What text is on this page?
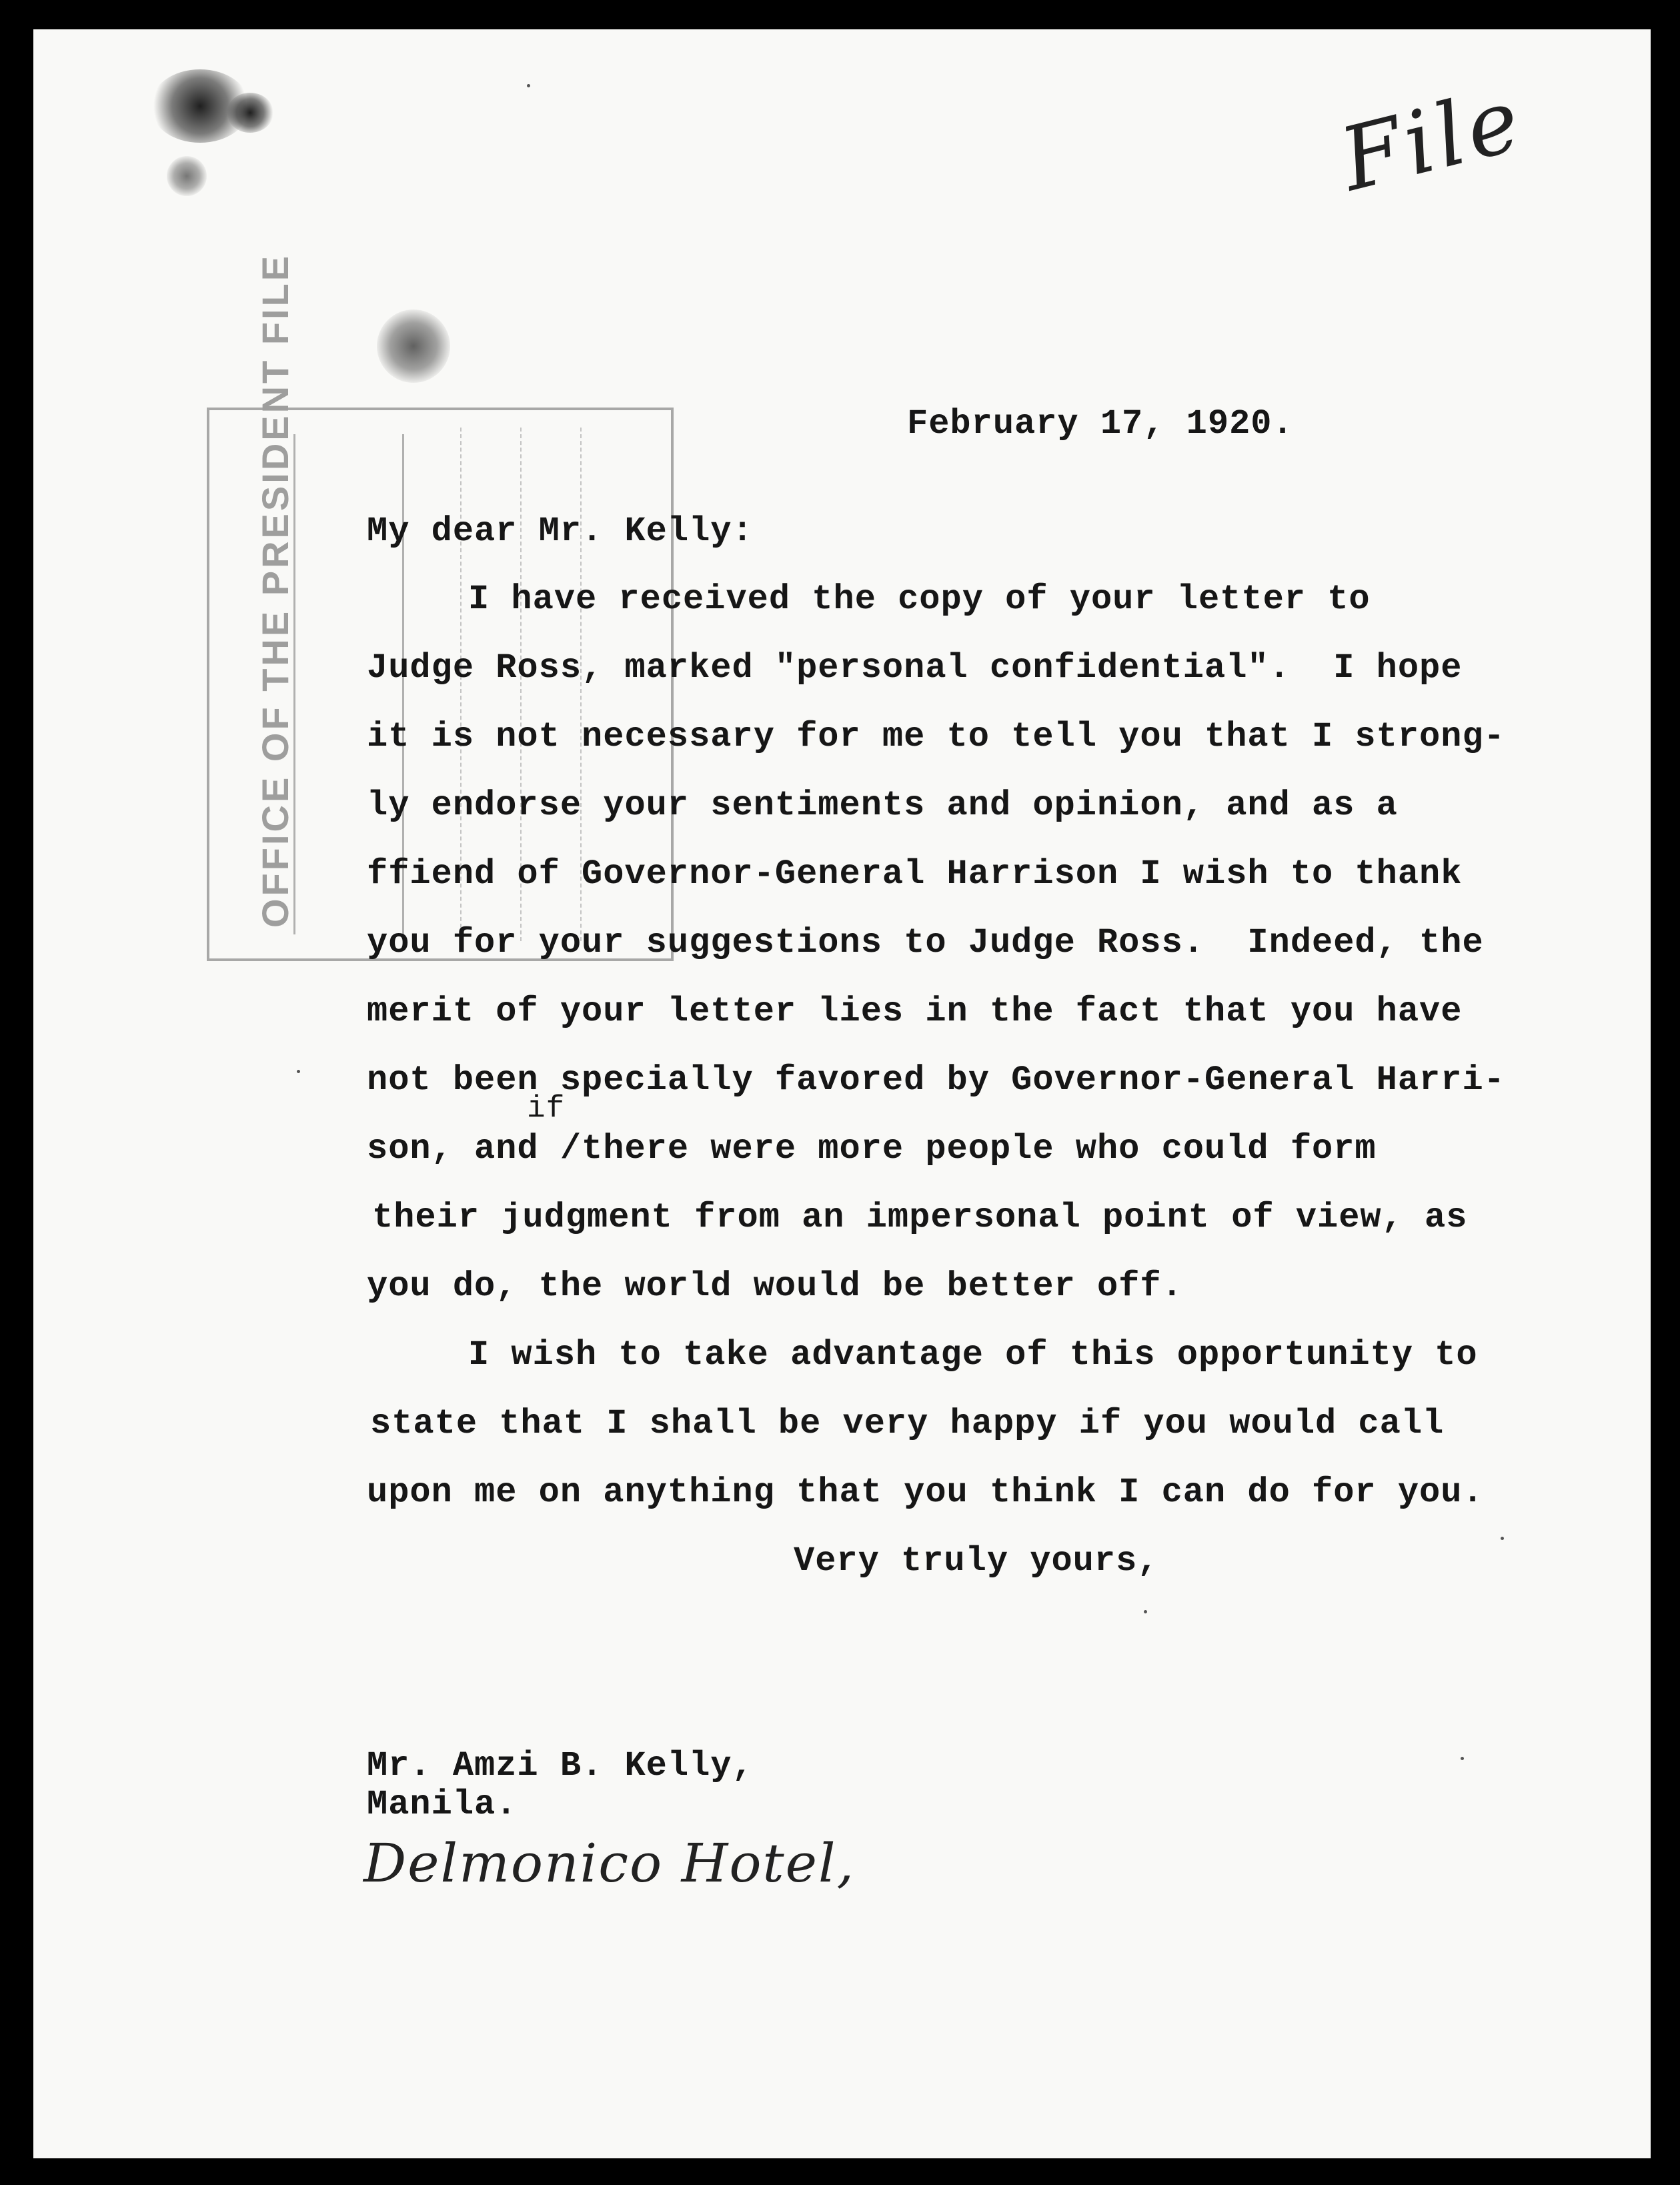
OFFICE OF THE PRESIDENT FILE
File
February 17, 1920.
My dear Mr. Kelly:
I have received the copy of your letter to
Judge Ross, marked "personal confidential".  I hope
it is not necessary for me to tell you that I strong-
ly endorse your sentiments and opinion, and as a
ffiend of Governor-General Harrison I wish to thank
you for your suggestions to Judge Ross.  Indeed, the
merit of your letter lies in the fact that you have
not been specially favored by Governor-General Harri-
if
son, and /there were more people who could form
their judgment from an impersonal point of view, as
you do, the world would be better off.
I wish to take advantage of this opportunity to
state that I shall be very happy if you would call
upon me on anything that you think I can do for you.
Very truly yours,
Mr. Amzi B. Kelly,
Manila.
Delmonico Hotel,
